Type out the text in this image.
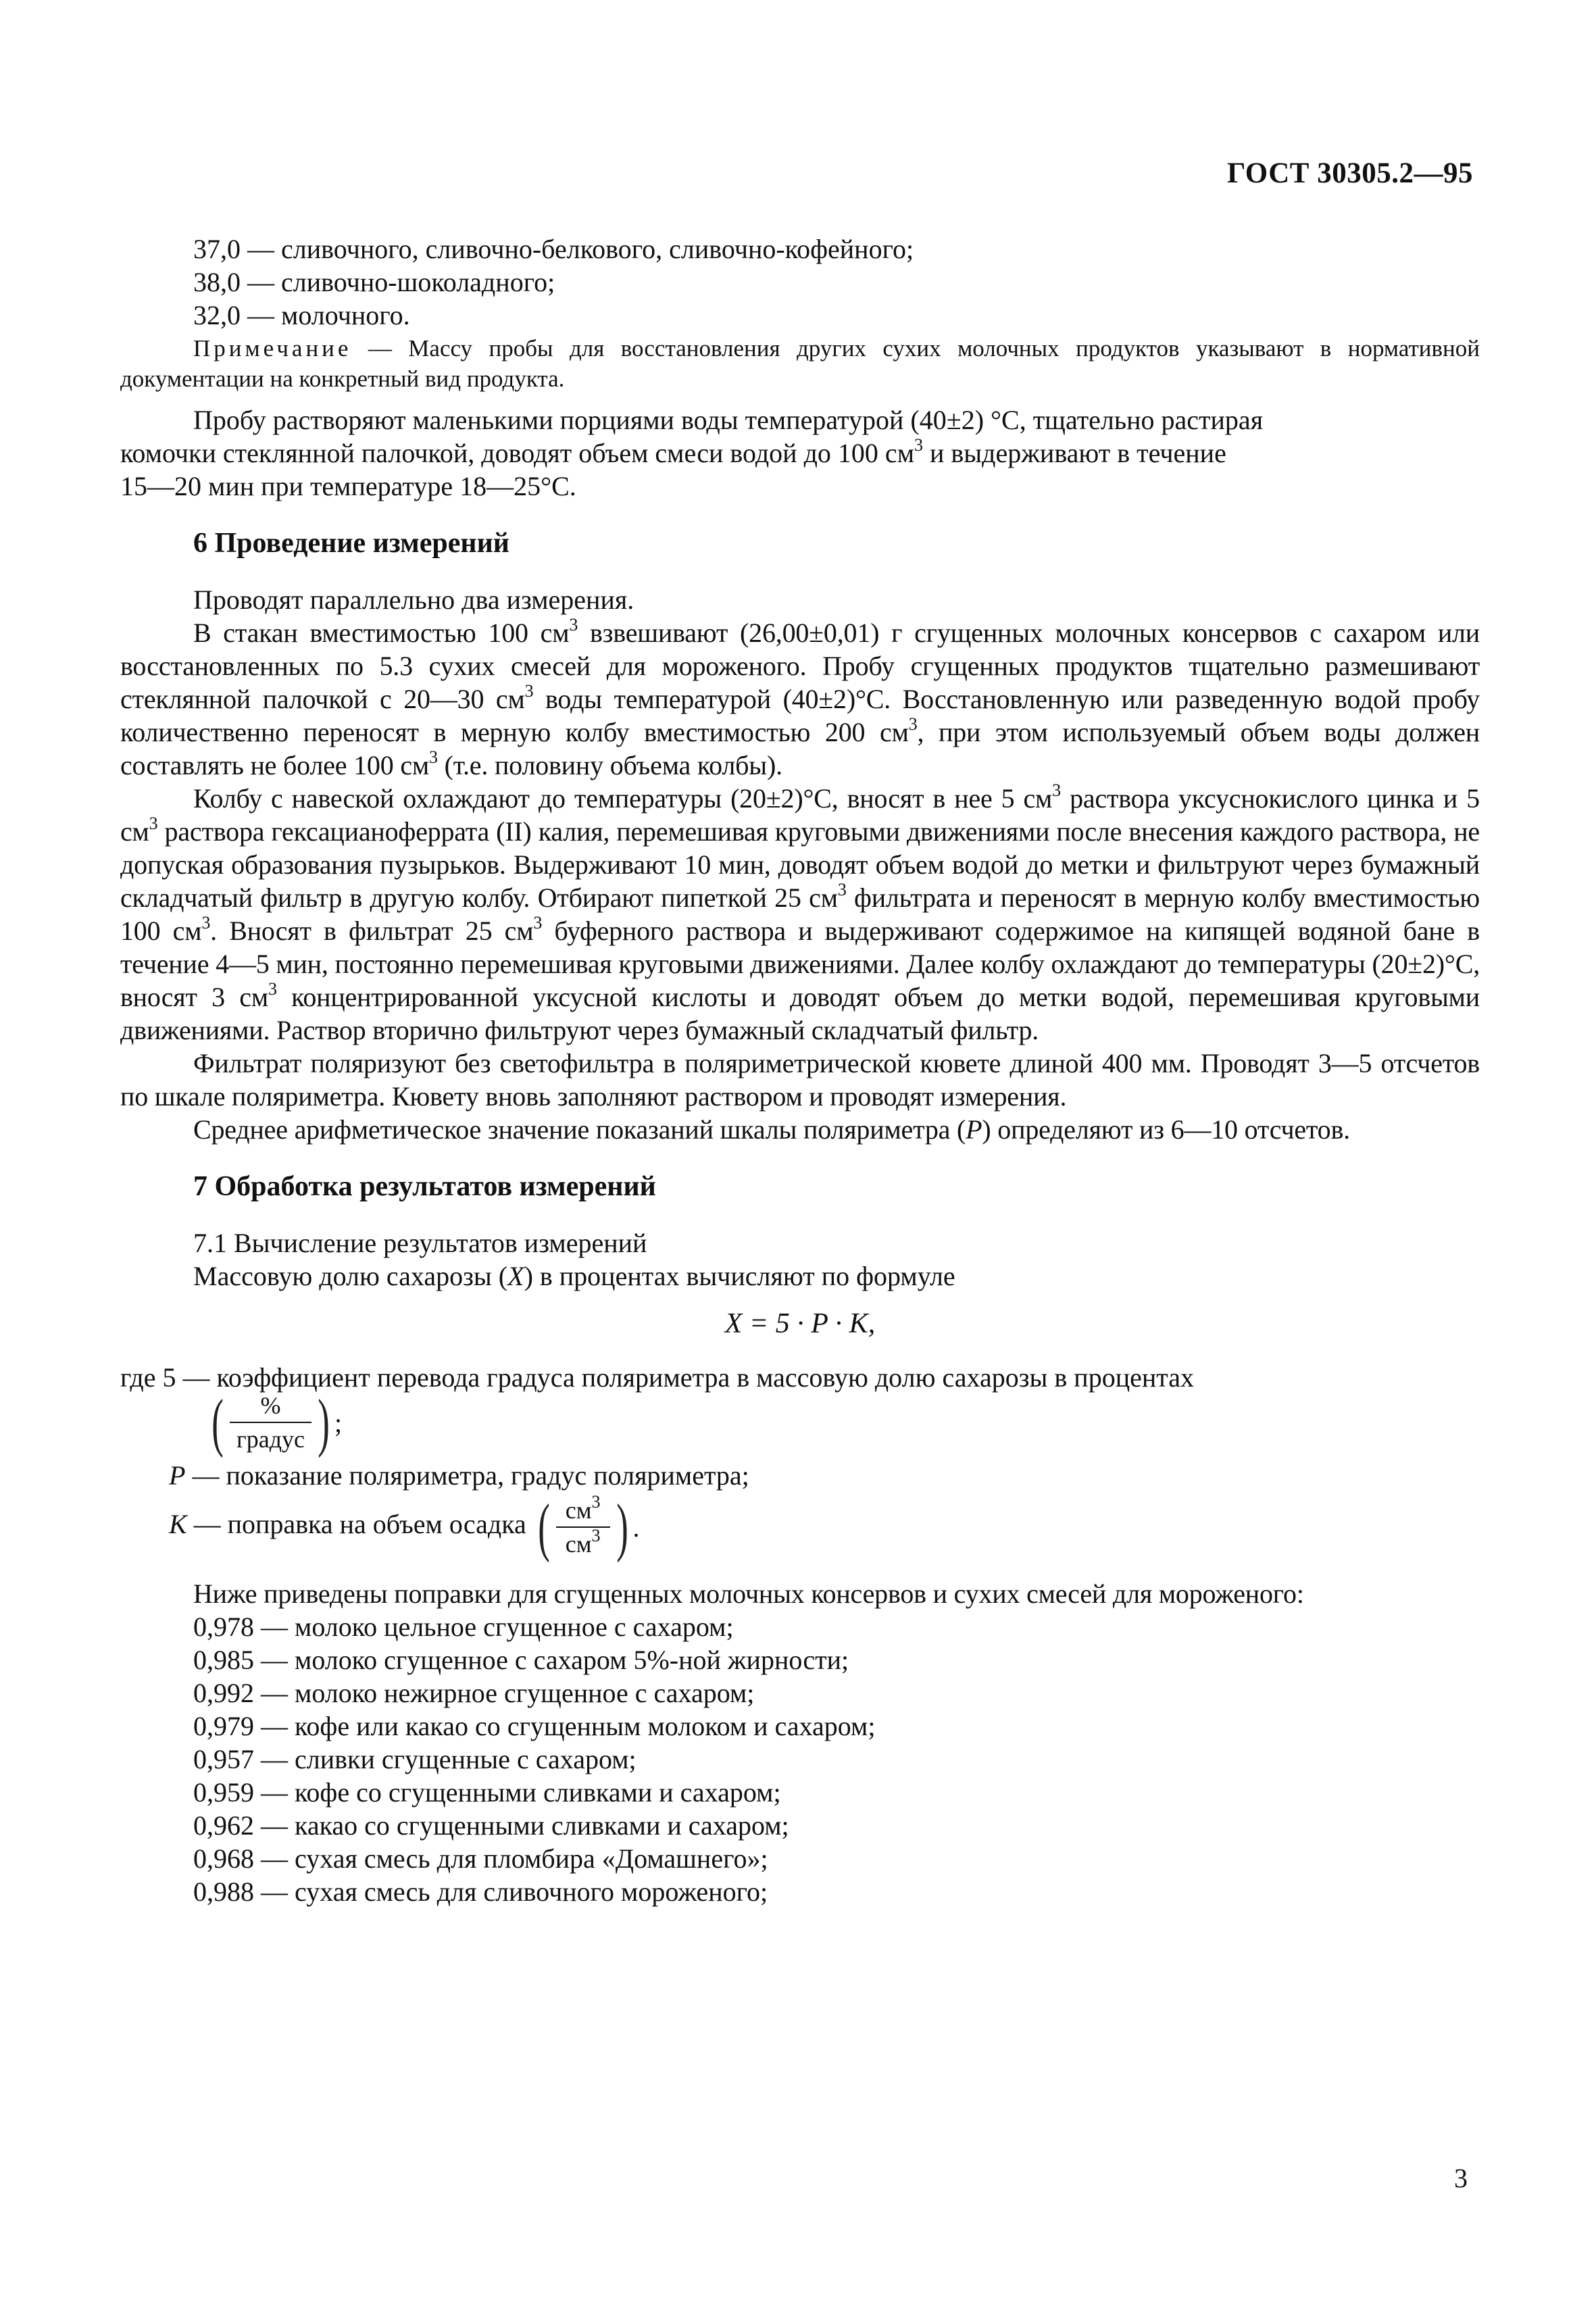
ГОСТ 30305.2—95

37,0 — сливочного, сливочно-белкового, сливочно-кофейного;

38,0 — сливочно-шоколадного;

32,0 — молочного.

Примечание — Массу пробы для восстановления других сухих молочных продуктов указывают в нормативной документации на конкретный вид продукта.

Пробу растворяют маленькими порциями воды температурой (40±2) °С, тщательно растирая

комочки стеклянной палочкой, доводят объем смеси водой до 100 $см^3$ и выдерживают в течение

15—20 мин при температуре 18—25°С.

6 Проведение измерений

Проводят параллельно два измерения.

В стакан вместимостью 100 $см^3$ взвешивают (26,00±0,01) г сгущенных молочных консервов с сахаром или восстановленных по 5.3 сухих смесей для мороженого. Пробу сгущенных продуктов тщательно размешивают стеклянной палочкой с 20—30 $см^3$ воды температурой (40±2)°С. Восстановленную или разведенную водой пробу количественно переносят в мерную колбу вместимостью 200 $см^3$, при этом используемый объем воды должен составлять не более 100 $см^3$ (т.е. половину объема колбы).

Колбу с навеской охлаждают до температуры (20±2)°С, вносят в нее 5 $см^3$ раствора уксуснокислого цинка и 5 $см^3$ раствора гексацианоферрата (II) калия, перемешивая круговыми движениями после внесения каждого раствора, не допуская образования пузырьков. Выдерживают 10 мин, доводят объем водой до метки и фильтруют через бумажный складчатый фильтр в другую колбу. Отбирают пипеткой 25 $см^3$ фильтрата и переносят в мерную колбу вместимостью 100 $см^3$. Вносят в фильтрат 25 $см^3$ буферного раствора и выдерживают содержимое на кипящей водяной бане в течение 4—5 мин, постоянно перемешивая круговыми движениями. Далее колбу охлаждают до температуры (20±2)°С, вносят 3 $см^3$ концентрированной уксусной кислоты и доводят объем до метки водой, перемешивая круговыми движениями. Раствор вторично фильтруют через бумажный складчатый фильтр.

Фильтрат поляризуют без светофильтра в поляриметрической кювете длиной 400 мм. Проводят 3—5 отсчетов по шкале поляриметра. Кювету вновь заполняют раствором и проводят измерения.

Среднее арифметическое значение показаний шкалы поляриметра (Р) определяют из 6—10 отсчетов.

7 Обработка результатов измерений

7.1 Вычисление результатов измерений

Массовую долю сахарозы (Х) в процентах вычисляют по формуле

X = 5 · P · K,

где 5 — коэффициент перевода градуса поляриметра в массовую долю сахарозы в процентах

( $\frac{\%}{\text{градус}}$ ) ;

Р — показание поляриметра, градус поляриметра;

К — поправка на объем осадка ( $\frac{см^3}{см^3}$ ) .

Ниже приведены поправки для сгущенных молочных консервов и сухих смесей для мороженого:

0,978 — молоко цельное сгущенное с сахаром;

0,985 — молоко сгущенное с сахаром 5%-ной жирности;

0,992 — молоко нежирное сгущенное с сахаром;

0,979 — кофе или какао со сгущенным молоком и сахаром;

0,957 — сливки сгущенные с сахаром;

0,959 — кофе со сгущенными сливками и сахаром;

0,962 — какао со сгущенными сливками и сахаром;

0,968 — сухая смесь для пломбира «Домашнего»;

0,988 — сухая смесь для сливочного мороженого;

3
